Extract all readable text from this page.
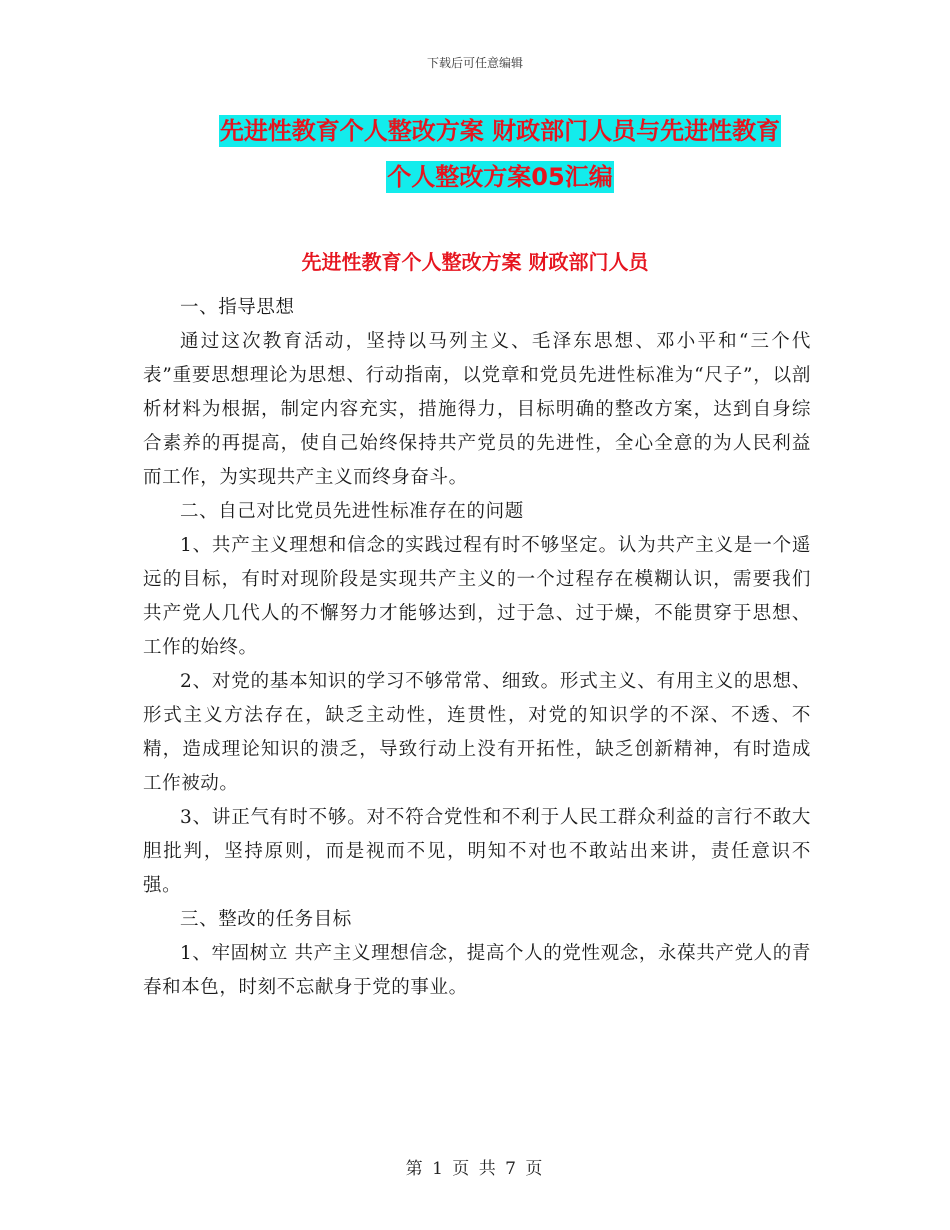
下载后可任意编辑
先进性教育个人整改方案 财政部门人员与先进性教育
个人整改方案05汇编
先进性教育个人整改方案 财政部门人员

一、指导思想

通过这次教育活动，坚持以马列主义、毛泽东思想、邓小平和“三个代表”重要思想理论为思想、行动指南，以党章和党员先进性标准为“尺子”，以剖析材料为根据，制定内容充实，措施得力，目标明确的整改方案，达到自身综合素养的再提高，使自己始终保持共产党员的先进性，全心全意的为人民利益而工作，为实现共产主义而终身奋斗。

二、自己对比党员先进性标准存在的问题

1、共产主义理想和信念的实践过程有时不够坚定。认为共产主义是一个遥远的目标，有时对现阶段是实现共产主义的一个过程存在模糊认识，需要我们共产党人几代人的不懈努力才能够达到，过于急、过于燥，不能贯穿于思想、工作的始终。

2、对党的基本知识的学习不够常常、细致。形式主义、有用主义的思想、形式主义方法存在，缺乏主动性，连贯性，对党的知识学的不深、不透、不精，造成理论知识的溃乏，导致行动上没有开拓性，缺乏创新精神，有时造成工作被动。

3、讲正气有时不够。对不符合党性和不利于人民工群众利益的言行不敢大胆批判，坚持原则，而是视而不见，明知不对也不敢站出来讲，责任意识不强。

三、整改的任务目标

1、牢固树立 共产主义理想信念，提高个人的党性观念，永葆共产党人的青春和本色，时刻不忘献身于党的事业。

第 1 页 共 7 页
